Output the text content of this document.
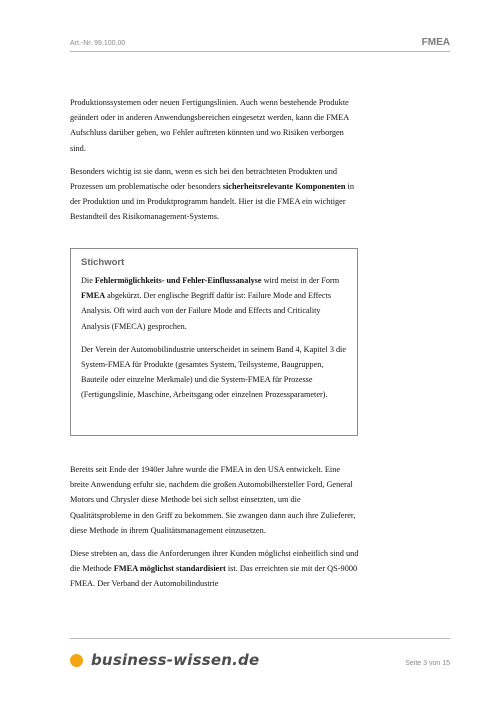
Art.-Nr. 99.100.00	FMEA

Produktionssystemen oder neuen Fertigungslinien. Auch wenn bestehende Produkte geändert oder in anderen Anwendungsbereichen eingesetzt werden, kann die FMEA Aufschluss darüber geben, wo Fehler auftreten könnten und wo Risiken verborgen sind.

Besonders wichtig ist sie dann, wenn es sich bei den betrachteten Produkten und Prozessen um problematische oder besonders sicherheitsrelevante Komponenten in der Produktion und im Produktprogramm handelt. Hier ist die FMEA ein wichtiger Bestandteil des Risikomanagement-Systems.

Stichwort

Die Fehlermöglichkeits- und Fehler-Einflussanalyse wird meist in der Form FMEA abgekürzt. Der englische Begriff dafür ist: Failure Mode and Effects Analysis. Oft wird auch von der Failure Mode and Effects and Criticality Analysis (FMECA) gesprochen.

Der Verein der Automobilindustrie unterscheidet in seinem Band 4, Kapitel 3 die System-FMEA für Produkte (gesamtes System, Teilsysteme, Baugruppen, Bauteile oder einzelne Merkmale) und die System-FMEA für Prozesse (Fertigungslinie, Maschine, Arbeitsgang oder einzelnen Prozessparameter).

Bereits seit Ende der 1940er Jahre wurde die FMEA in den USA entwickelt. Eine breite Anwendung erfuhr sie, nachdem die großen Automobilhersteller Ford, General Motors und Chrysler diese Methode bei sich selbst einsetzten, um die Qualitätsprobleme in den Griff zu bekommen. Sie zwangen dann auch ihre Zulieferer, diese Methode in ihrem Qualitätsmanagement einzusetzen.

Diese strebten an, dass die Anforderungen ihrer Kunden möglichst einheitlich sind und die Methode FMEA möglichst standardisiert ist. Das erreichten sie mit der QS-9000 FMEA. Der Verband der Automobilindustrie

business-wissen.de	Seite 3 von 15
